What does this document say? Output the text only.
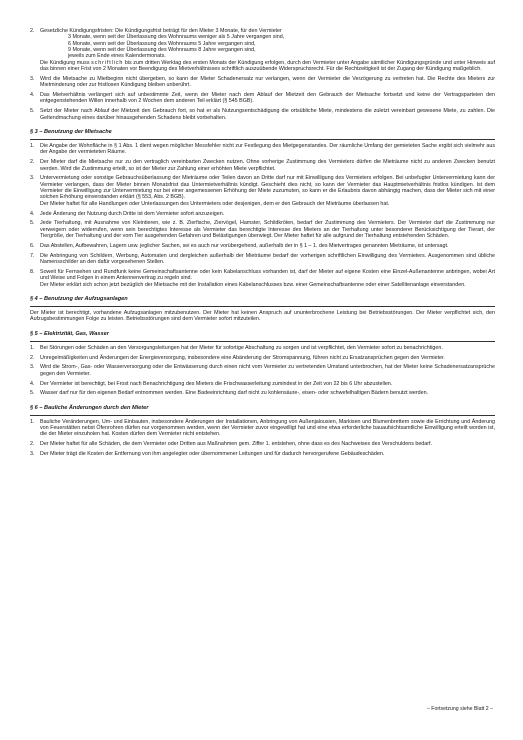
2.	Gesetzliche Kündigungsfristen: Die Kündigungsfrist beträgt für den Mieter 3 Monate, für den Vermieter
3 Monate, wenn seit der Überlassung des Wohnraums weniger als 5 Jahre vergangen sind,
6 Monate, wenn seit der Überlassung des Wohnraums 5 Jahre vergangen sind,
9 Monate, wenn seit der Überlassung des Wohnraums 8 Jahre vergangen sind,
jeweils zum Ende eines Kalendermonats.
Die Kündigung muss schriftlich bis zum dritten Werktag des ersten Monats der Kündigung erfolgen, durch den Vermieter unter Angabe sämtlicher Kündigungsgründe und unter Hinweis auf das binnen einer Frist von 2 Monaten vor Beendigung des Mietverhältnisses schriftlich auszuübende Widerspruchsrecht. Für die Rechtzeitigkeit ist der Zugang der Kündigung maßgeblich.
3.	Wird die Mietsache zu Mietbeginn nicht übergeben, so kann der Mieter Schadenersatz nur verlangen, wenn der Vermieter die Verzögerung zu vertreten hat. Die Rechte des Mieters zur Mietminderung oder zur fristlosen Kündigung bleiben unberührt.
4.	Das Mietverhältnis verlängert sich auf unbestimmte Zeit, wenn der Mieter nach dem Ablauf der Mietzeit den Gebrauch der Mietsache fortsetzt und keine der Vertragsparteien den entgegenstehenden Willen innerhalb von 2 Wochen dem anderen Teil erklärt (§ 545 BGB).
5.	Setzt der Mieter nach Ablauf der Mietzeit den Gebrauch fort, so hat er als Nutzungsentschädigung die ortsübliche Miete, mindestens die zuletzt vereinbart gewesene Miete, zu zahlen. Die Geltendmachung eines darüber hinausgehenden Schadens bleibt vorbehalten.
§ 3 – Benutzung der Mietsache
1.	Die Angabe der Wohnfläche in § 1 Abs. 1 dient wegen möglicher Messfehler nicht zur Festlegung des Mietgegenstandes. Der räumliche Umfang der gemieteten Sache ergibt sich vielmehr aus der Angabe der vermieteten Räume.
2.	Der Mieter darf die Mietsache nur zu den vertraglich vereinbarten Zwecken nutzen. Ohne vorherige Zustimmung des Vermieters dürfen die Mieträume nicht zu anderen Zwecken benutzt werden. Wird die Zustimmung erteilt, so ist der Mieter zur Zahlung einer erhöhten Miete verpflichtet.
3.	Untervermietung oder sonstige Gebrauchsüberlassung der Mieträume oder Teilen davon an Dritte darf nur mit Einwilligung des Vermieters erfolgen. Bei unbefugter Untervermietung kann der Vermieter verlangen, dass der Mieter binnen Monatsfrist das Untermietverhältnis kündigt. Geschieht dies nicht, so kann der Vermieter das Hauptmietverhältnis fristlos kündigen. Ist dem Vermieter die Einwilligung zur Untervermietung nur bei einer angemessenen Erhöhung der Miete zuzumuten, so kann er die Erlaubnis davon abhängig machen, dass der Mieter sich mit einer solchen Erhöhung einverstanden erklärt (§ 553, Abs. 2 BGB).
Der Mieter haftet für alle Handlungen oder Unterlassungen des Untermieters oder desjenigen, dem er den Gebrauch der Mieträume überlassen hat.
4.	Jede Änderung der Nutzung durch Dritte ist dem Vermieter sofort anzuzeigen.
5.	Jede Tierhaltung, mit Ausnahme von Kleintieren, wie z. B. Zierfische, Ziervögel, Hamster, Schildkröten, bedarf der Zustimmung des Vermieters. Der Vermieter darf die Zustimmung nur verweigern oder widerrufen, wenn sein berechtigtes Interesse als Vermieter das berechtigte Interesse des Mieters an der Tierhaltung unter besonderer Berücksichtigung der Tierart, der Tiergröße, der Tierhaltung und der vom Tier ausgehenden Gefahren und Belästigungen überwiegt. Der Mieter haftet für alle aufgrund der Tierhaltung entstehenden Schäden.
6.	Das Abstellen, Aufbewahren, Lagern usw. jeglicher Sachen, sei es auch nur vorübergehend, außerhalb der in § 1 – 1. des Mietvertrages genannten Mieträume, ist untersagt.
7.	Die Anbringung von Schildern, Werbung, Automaten und dergleichen außerhalb der Mieträume bedarf der vorherigen schriftlichen Einwilligung des Vermieters. Ausgenommen sind übliche Namensschilder an den dafür vorgesehenen Stellen.
8.	Soweit für Fernsehen und Rundfunk keine Gemeinschaftsantenne oder kein Kabelanschluss vorhanden ist, darf der Mieter auf eigene Kosten eine Einzel-Außenantenne anbringen, wobei Art und Weise und Folgen in einem Antennenvertrag zu regeln sind.
Der Mieter erklärt sich schon jetzt bezüglich der Mietsache mit der Installation eines Kabelanschlusses bzw. einer Gemeinschaftsantenne oder einer Satellitenanlage einverstanden.
§ 4 – Benutzung der Aufzugsanlagen
Der Mieter ist berechtigt, vorhandene Aufzugsanlagen mitzubenutzen. Der Mieter hat keinen Anspruch auf ununterbrochene Leistung bei Betriebsstörungen. Der Mieter verpflichtet sich, den Aufzugsbestimmungen Folge zu leisten. Betriebsstörungen sind dem Vermieter sofort mitzuteilen.
§ 5 – Elektrizität, Gas, Wasser
1.	Bei Störungen oder Schäden an den Versorgungsleitungen hat der Mieter für sofortige Abschaltung zu sorgen und ist verpflichtet, den Vermieter sofort zu benachrichtigen.
2.	Unregelmäßigkeiten und Änderungen der Energieversorgung, insbesondere eine Abänderung der Stromspannung, führen nicht zu Ersatzansprüchen gegen den Vermieter.
3.	Wird die Strom-, Gas- oder Wasserversorgung oder die Entwässerung durch einen nicht vom Vermieter zu vertretenden Umstand unterbrochen, hat der Mieter keine Schadenersatzansprüche gegen den Vermieter.
4.	Der Vermieter ist berechtigt, bei Frost nach Benachrichtigung des Mieters die Frischwasserleitung zumindest in der Zeit von 22 bis 6 Uhr abzustellen.
5.	Wasser darf nur für den eigenen Bedarf entnommen werden. Eine Badeeinrichtung darf nicht zu kohlensäure-, eisen- oder schwefelhaltigen Bädern benutzt werden.
§ 6 – Bauliche Änderungen durch den Mieter
1.	Bauliche Veränderungen, Um- und Einbauten, insbesondere Änderungen der Installationen, Anbringung von Außenjalousien, Markisen und Blumenbrettern sowie die Errichtung und Änderung von Feuerstätten nebst Öfenrohren dürfen nur vorgenommen werden, wenn der Vermieter zuvor eingewilligt hat und eine etwa erforderliche bauaufsichtsamtliche Einwilligung erteilt worden ist, die der Mieter einzuholen hat. Kosten dürfen dem Vermieter nicht entstehen.
2.	Der Mieter haftet für alle Schäden, die dem Vermieter oder Dritten aus Maßnahmen gem. Ziffer 1. entstehen, ohne dass es des Nachweises des Verschuldens bedarf.
3.	Der Mieter trägt die Kosten der Entfernung von ihm angelegter oder übernommener Leitungen und für dadurch hervorgerufene Gebäudeschäden.
– Fortsetzung siehe Blatt 2 –
